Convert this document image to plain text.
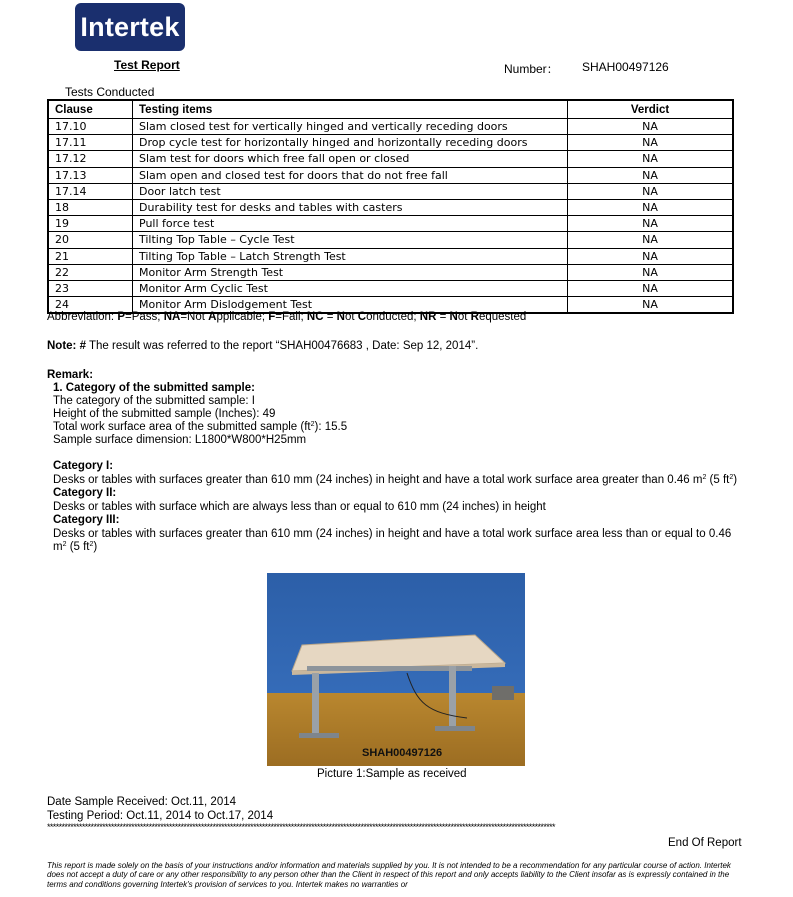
Intertek
Test Report	Number： SHAH00497126
Tests Conducted
Clause	Testing items	Verdict
17.10	Slam closed test for vertically hinged and vertically receding doors	NA
17.11	Drop cycle test for horizontally hinged and horizontally receding doors	NA
17.12	Slam test for doors which free fall open or closed	NA
17.13	Slam open and closed test for doors that do not free fall	NA
17.14	Door latch test	NA
18	Durability test for desks and tables with casters	NA
19	Pull force test	NA
20	Tilting Top Table – Cycle Test	NA
21	Tilting Top Table – Latch Strength Test	NA
22	Monitor Arm Strength Test	NA
23	Monitor Arm Cyclic Test	NA
24	Monitor Arm Dislodgement Test	NA
Abbreviation: P=Pass; NA=Not Applicable; F=Fail; NC = Not Conducted; NR = Not Requested
Note: # The result was referred to the report “SHAH00476683 , Date: Sep 12, 2014”.
Remark:
1. Category of the submitted sample:
The category of the submitted sample: I
Height of the submitted sample (Inches): 49
Total work surface area of the submitted sample $(ft^2)$: 15.5
Sample surface dimension: L1800*W800*H25mm
Category I:
Desks or tables with surfaces greater than 610 mm (24 inches) in height and have a total work surface area greater than 0.46 $m^2$ (5 $ft^2$)
Category II:
Desks or tables with surface which are always less than or equal to 610 mm (24 inches) in height
Category III:
Desks or tables with surfaces greater than 610 mm (24 inches) in height and have a total work surface area less than or equal to 0.46 $m^2$ (5 $ft^2$)
SHAH00497126
Picture 1:Sample as received
Date Sample Received: Oct.11, 2014
Testing Period: Oct.11, 2014 to Oct.17, 2014
*******************************************************************************************************************************************************************************
End Of Report
This report is made solely on the basis of your instructions and/or information and materials supplied by you. It is not intended to be a recommendation for any particular course of action. Intertek does not accept a duty of care or any other responsibility to any person other than the Client in respect of this report and only accepts liability to the Client insofar as is expressly contained in the terms and conditions governing Intertek's provision of services to you. Intertek makes no warranties or
